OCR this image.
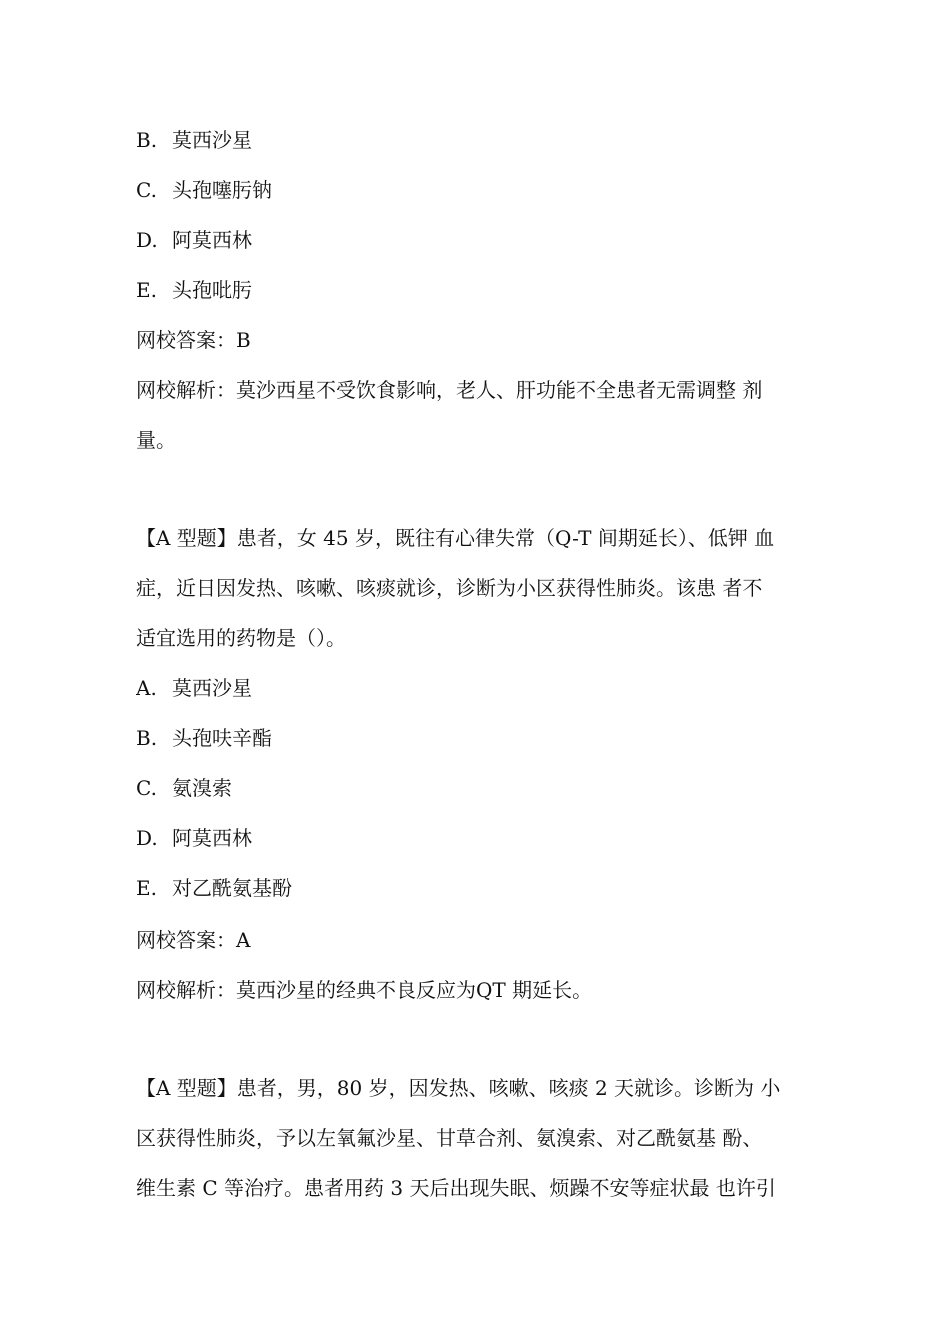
B. 莫西沙星
C. 头孢噻肟钠
D. 阿莫西林
E. 头孢吡肟
网校答案：B
网校解析：莫沙西星不受饮食影响，老人、肝功能不全患者无需调整 剂
量。
【A 型题】患者，女 45 岁，既往有心律失常（Q-T 间期延长）、低钾 血
症，近日因发热、咳嗽、咳痰就诊，诊断为小区获得性肺炎。该患 者不
适宜选用的药物是（）。
A. 莫西沙星
B. 头孢呋辛酯
C. 氨溴索
D. 阿莫西林
E. 对乙酰氨基酚
网校答案：A
网校解析：莫西沙星的经典不良反应为QT 期延长。
【A 型题】患者，男，80 岁，因发热、咳嗽、咳痰 2 天就诊。诊断为 小
区获得性肺炎，予以左氧氟沙星、甘草合剂、氨溴索、对乙酰氨基 酚、
维生素 C 等治疗。患者用药 3 天后出现失眠、烦躁不安等症状最 也许引
